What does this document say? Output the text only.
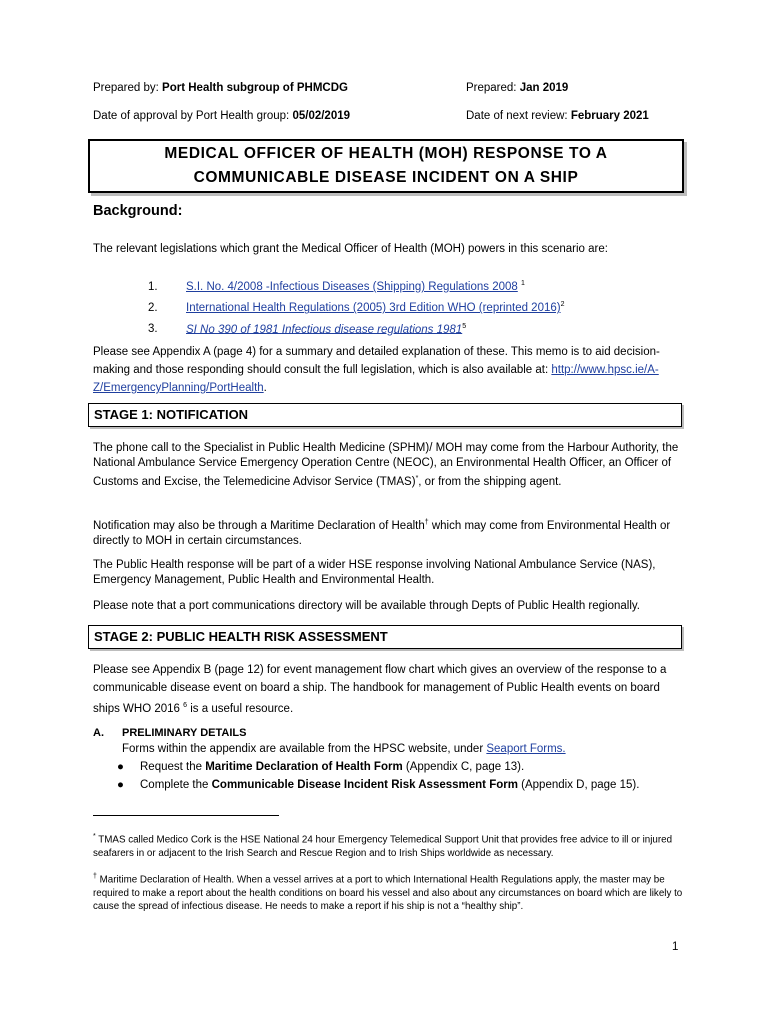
Prepared by: Port Health subgroup of PHMCDG	Prepared: Jan 2019
Date of approval by Port Health group: 05/02/2019	Date of next review: February 2021
MEDICAL OFFICER OF HEALTH (MOH) RESPONSE TO A
COMMUNICABLE DISEASE INCIDENT ON A SHIP
Background:

The relevant legislations which grant the Medical Officer of Health (MOH) powers in this scenario are:

1. S.I. No. 4/2008 -Infectious Diseases (Shipping) Regulations 2008 $^1$
2. International Health Regulations (2005) 3rd Edition WHO (reprinted 2016)$^2$
3. SI No 390 of 1981 Infectious disease regulations 1981$^5$
Please see Appendix A (page 4) for a summary and detailed explanation of these. This memo is to aid decision-making and those responding should consult the full legislation, which is also available at: http://www.hpsc.ie/A-Z/EmergencyPlanning/PortHealth.
STAGE 1: NOTIFICATION

The phone call to the Specialist in Public Health Medicine (SPHM)/ MOH may come from the Harbour Authority, the National Ambulance Service Emergency Operation Centre (NEOC), an Environmental Health Officer, an Officer of Customs and Excise, the Telemedicine Advisor Service (TMAS)*, or from the shipping agent.

Notification may also be through a Maritime Declaration of Health† which may come from Environmental Health or directly to MOH in certain circumstances.

The Public Health response will be part of a wider HSE response involving National Ambulance Service (NAS), Emergency Management, Public Health and Environmental Health.

Please note that a port communications directory will be available through Depts of Public Health regionally.

STAGE 2: PUBLIC HEALTH RISK ASSESSMENT

Please see Appendix B (page 12) for event management flow chart which gives an overview of the response to a communicable disease event on board a ship. The handbook for management of Public Health events on board ships WHO 2016 $^6$ is a useful resource.

A. PRELIMINARY DETAILS
Forms within the appendix are available from the HPSC website, under Seaport Forms.
● Request the Maritime Declaration of Health Form (Appendix C, page 13).
● Complete the Communicable Disease Incident Risk Assessment Form (Appendix D, page 15).
* TMAS called Medico Cork is the HSE National 24 hour Emergency Telemedical Support Unit that provides free advice to ill or injured seafarers in or adjacent to the Irish Search and Rescue Region and to Irish Ships worldwide as necessary.
† Maritime Declaration of Health. When a vessel arrives at a port to which International Health Regulations apply, the master may be required to make a report about the health conditions on board his vessel and also about any circumstances on board which are likely to cause the spread of infectious disease. He needs to make a report if his ship is not a “healthy ship”.
1
